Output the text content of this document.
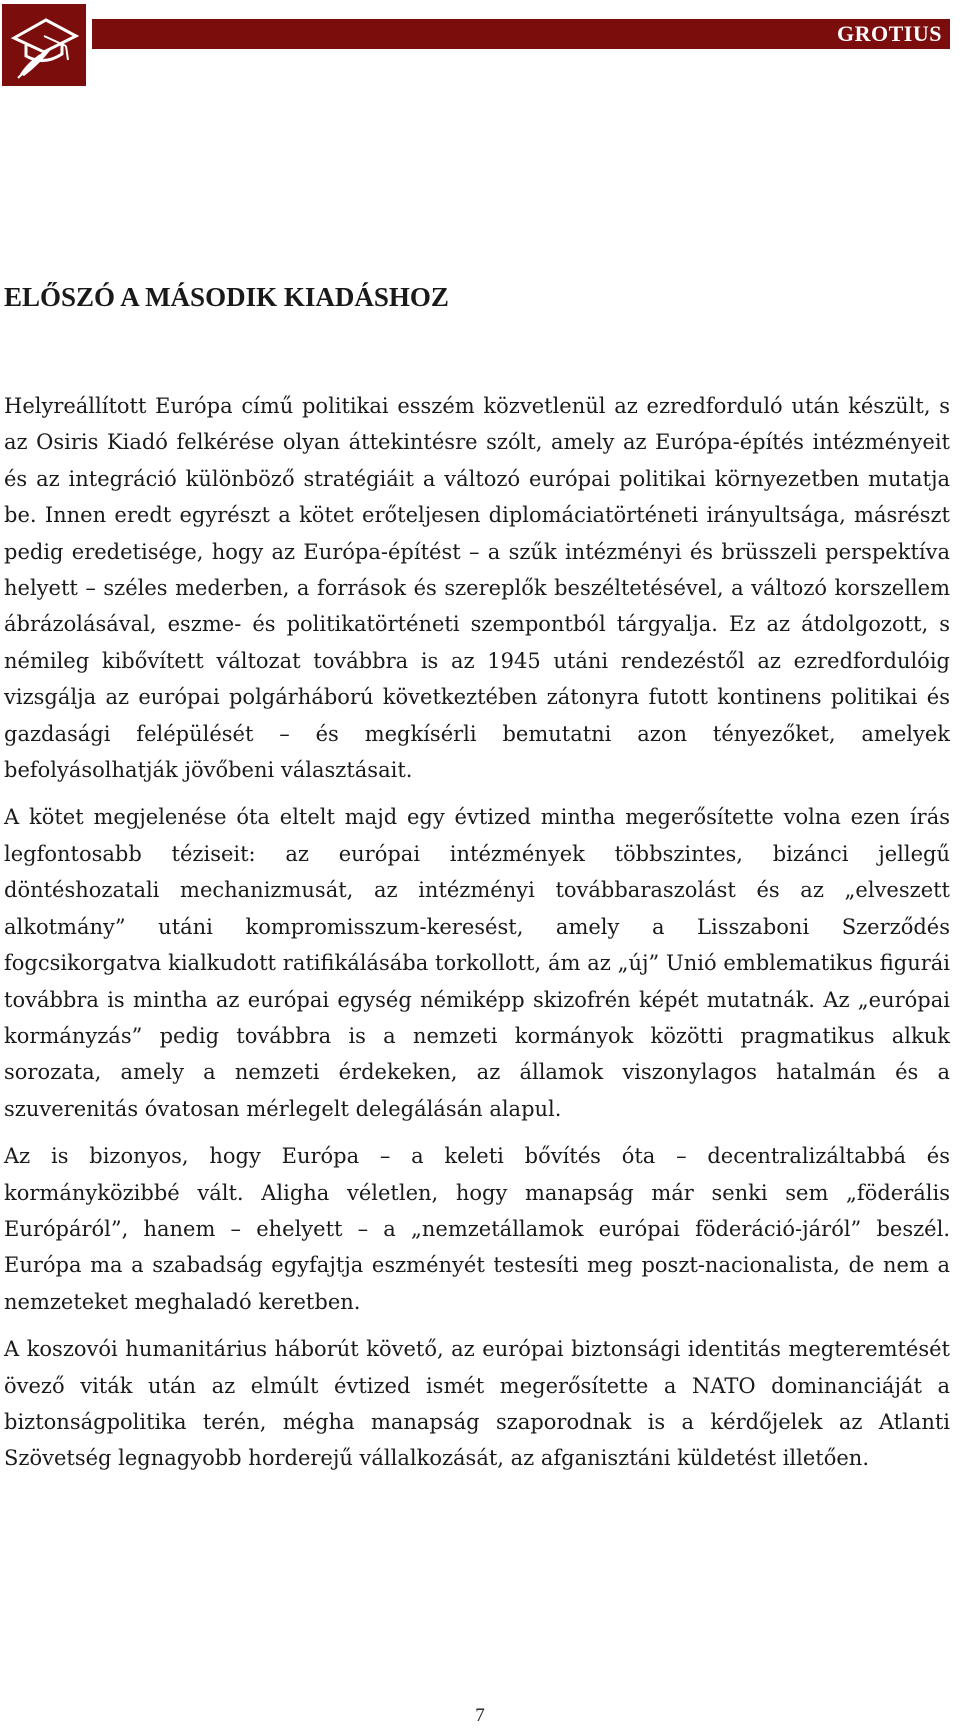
GROTIUS
ELŐSZÓ A MÁSODIK KIADÁSHOZ

Helyreállított Európa című politikai esszém közvetlenül az ezredforduló után készült, s az Osiris Kiadó felkérése olyan áttekintésre szólt, amely az Európa-építés intézményeit és az integráció különböző stratégiáit a változó európai politikai környezetben mutatja be. Innen eredt egyrészt a kötet erőteljesen diplomáciatörténeti irányultsága, másrészt pedig eredetisége, hogy az Európa-építést – a szűk intézményi és brüsszeli perspektíva helyett – széles mederben, a források és szereplők beszéltetésével, a változó korszellem ábrázolásával, eszme- és politikatörténeti szempontból tárgyalja. Ez az átdolgozott, s némileg kibővített változat továbbra is az 1945 utáni rendezéstől az ezredfordulóig vizsgálja az európai polgárháború következtében zátonyra futott kontinens politikai és gazdasági felépülését – és megkísérli bemutatni azon tényezőket, amelyek befolyásolhatják jövőbeni választásait.

A kötet megjelenése óta eltelt majd egy évtized mintha megerősítette volna ezen írás legfontosabb téziseit: az európai intézmények többszintes, bizánci jellegű döntéshozatali mechanizmusát, az intézményi továbbaraszolást és az „elveszett alkotmány” utáni kompromisszum-keresést, amely a Lisszaboni Szerződés fogcsikorgatva kialkudott ratifikálásába torkollott, ám az „új” Unió emblematikus figurái továbbra is mintha az európai egység némiképp skizofrén képét mutatnák. Az „európai kormányzás” pedig továbbra is a nemzeti kormányok közötti pragmatikus alkuk sorozata, amely a nemzeti érdekeken, az államok viszonylagos hatalmán és a szuverenitás óvatosan mérlegelt delegálásán alapul.

Az is bizonyos, hogy Európa – a keleti bővítés óta – decentralizáltabbá és kormányközibbé vált. Aligha véletlen, hogy manapság már senki sem „föderális Európáról”, hanem – ehelyett – a „nemzetállamok európai föderáció-járól” beszél. Európa ma a szabadság egyfajtja eszményét testesíti meg poszt-nacionalista, de nem a nemzeteket meghaladó keretben.

A koszovói humanitárius háborút követő, az európai biztonsági identitás megteremtését övező viták után az elmúlt évtized ismét megerősítette a NATO dominanciáját a biztonságpolitika terén, mégha manapság szaporodnak is a kérdőjelek az Atlanti Szövetség legnagyobb horderejű vállalkozását, az afganisztáni küldetést illetően.

7
